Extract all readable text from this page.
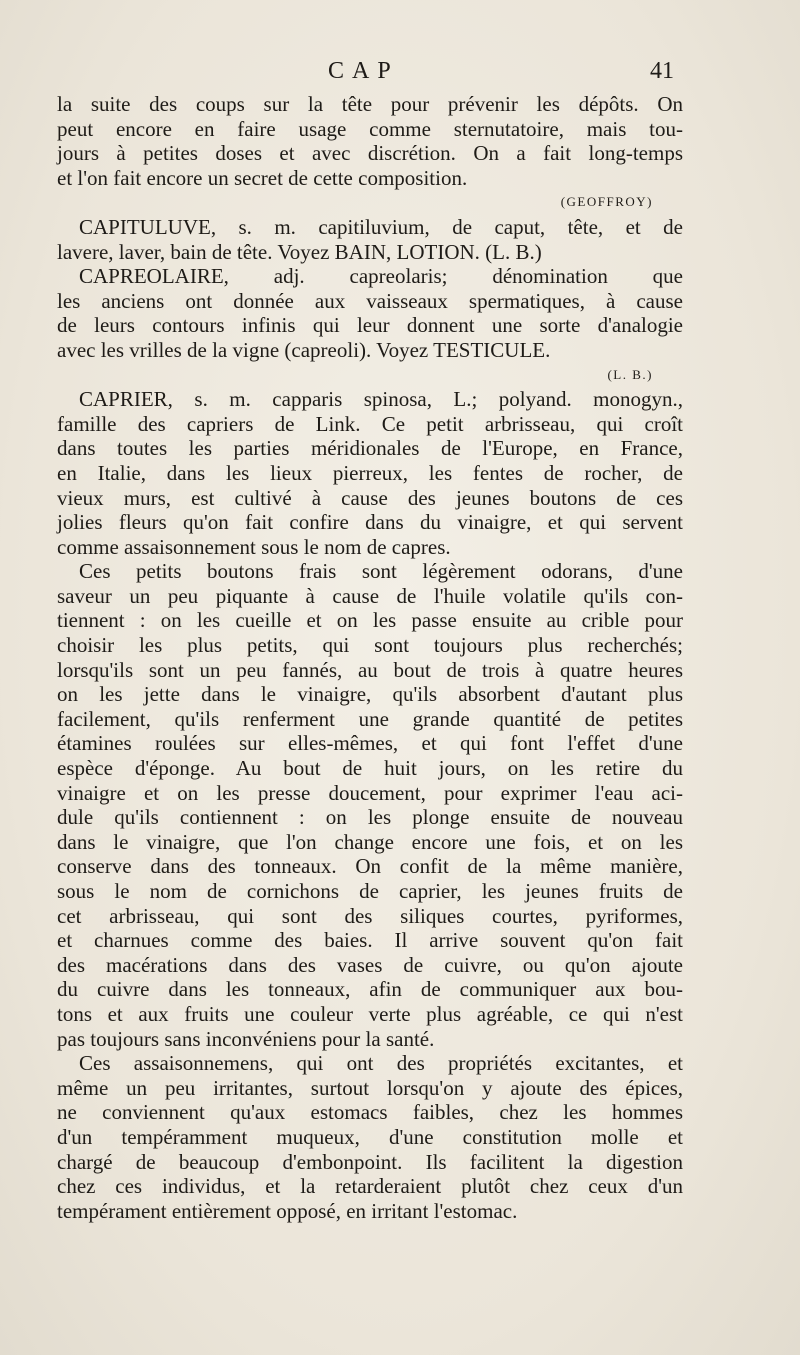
CAP	41
la suite des coups sur la tête pour prévenir les dépôts. On
peut encore en faire usage comme sternutatoire, mais tou-
jours à petites doses et avec discrétion. On a fait long-temps
et l'on fait encore un secret de cette composition.
(GEOFFROY)
CAPITULUVE, s. m. capitiluvium, de caput, tête, et de
lavere, laver, bain de tête. Voyez BAIN, LOTION. (L. B.)
CAPREOLAIRE, adj. capreolaris; dénomination que
les anciens ont donnée aux vaisseaux spermatiques, à cause
de leurs contours infinis qui leur donnent une sorte d'analogie
avec les vrilles de la vigne (capreoli). Voyez TESTICULE.
(L. B.)
CAPRIER, s. m. capparis spinosa, L.; polyand. monogyn.,
famille des capriers de Link. Ce petit arbrisseau, qui croît
dans toutes les parties méridionales de l'Europe, en France,
en Italie, dans les lieux pierreux, les fentes de rocher, de
vieux murs, est cultivé à cause des jeunes boutons de ces
jolies fleurs qu'on fait confire dans du vinaigre, et qui servent
comme assaisonnement sous le nom de capres.
Ces petits boutons frais sont légèrement odorans, d'une
saveur un peu piquante à cause de l'huile volatile qu'ils con-
tiennent : on les cueille et on les passe ensuite au crible pour
choisir les plus petits, qui sont toujours plus recherchés;
lorsqu'ils sont un peu fannés, au bout de trois à quatre heures
on les jette dans le vinaigre, qu'ils absorbent d'autant plus
facilement, qu'ils renferment une grande quantité de petites
étamines roulées sur elles-mêmes, et qui font l'effet d'une
espèce d'éponge. Au bout de huit jours, on les retire du
vinaigre et on les presse doucement, pour exprimer l'eau aci-
dule qu'ils contiennent : on les plonge ensuite de nouveau
dans le vinaigre, que l'on change encore une fois, et on les
conserve dans des tonneaux. On confit de la même manière,
sous le nom de cornichons de caprier, les jeunes fruits de
cet arbrisseau, qui sont des siliques courtes, pyriformes,
et charnues comme des baies. Il arrive souvent qu'on fait
des macérations dans des vases de cuivre, ou qu'on ajoute
du cuivre dans les tonneaux, afin de communiquer aux bou-
tons et aux fruits une couleur verte plus agréable, ce qui n'est
pas toujours sans inconvéniens pour la santé.
Ces assaisonnemens, qui ont des propriétés excitantes, et
même un peu irritantes, surtout lorsqu'on y ajoute des épices,
ne conviennent qu'aux estomacs faibles, chez les hommes
d'un tempéramment muqueux, d'une constitution molle et
chargé de beaucoup d'embonpoint. Ils facilitent la digestion
chez ces individus, et la retarderaient plutôt chez ceux d'un
tempérament entièrement opposé, en irritant l'estomac.
